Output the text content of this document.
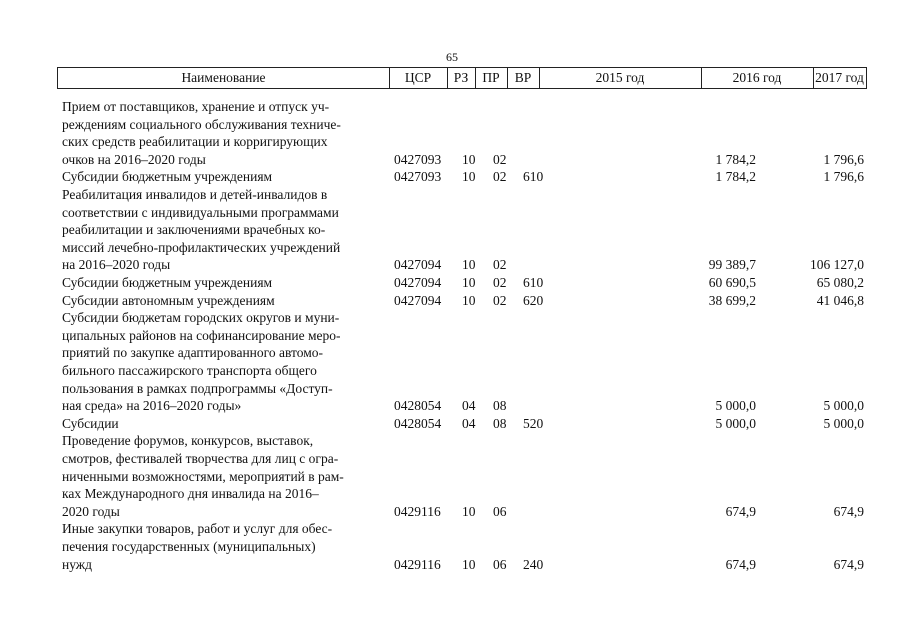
65
Наименование	ЦСР	РЗ	ПР	ВР	2015 год	2016 год	2017 год
Прием от поставщиков, хранение и отпуск уч-
реждениям социального обслуживания техниче-
ских средств реабилитации и корригирующих
очков на 2016–2020 годы	0427093 10 02	1 784,2	1 796,6
Субсидии бюджетным учреждениям	0427093 10 02 610	1 784,2	1 796,6
Реабилитация инвалидов и детей-инвалидов в
соответствии с индивидуальными программами
реабилитации и заключениями врачебных ко-
миссий лечебно-профилактических учреждений
на 2016–2020 годы	0427094 10 02	99 389,7	106 127,0
Субсидии бюджетным учреждениям	0427094 10 02 610	60 690,5	65 080,2
Субсидии автономным учреждениям	0427094 10 02 620	38 699,2	41 046,8
Субсидии бюджетам городских округов и муни-
ципальных районов на софинансирование меро-
приятий по закупке адаптированного автомо-
бильного пассажирского транспорта общего
пользования в рамках подпрограммы «Доступ-
ная среда» на 2016–2020 годы»	0428054 04 08	5 000,0	5 000,0
Субсидии	0428054 04 08 520	5 000,0	5 000,0
Проведение форумов, конкурсов, выставок,
смотров, фестивалей творчества для лиц с огра-
ниченными возможностями, мероприятий в рам-
ках Международного дня инвалида на 2016–
2020 годы	0429116 10 06	674,9	674,9
Иные закупки товаров, работ и услуг для обес-
печения государственных (муниципальных)
нужд	0429116 10 06 240	674,9	674,9
